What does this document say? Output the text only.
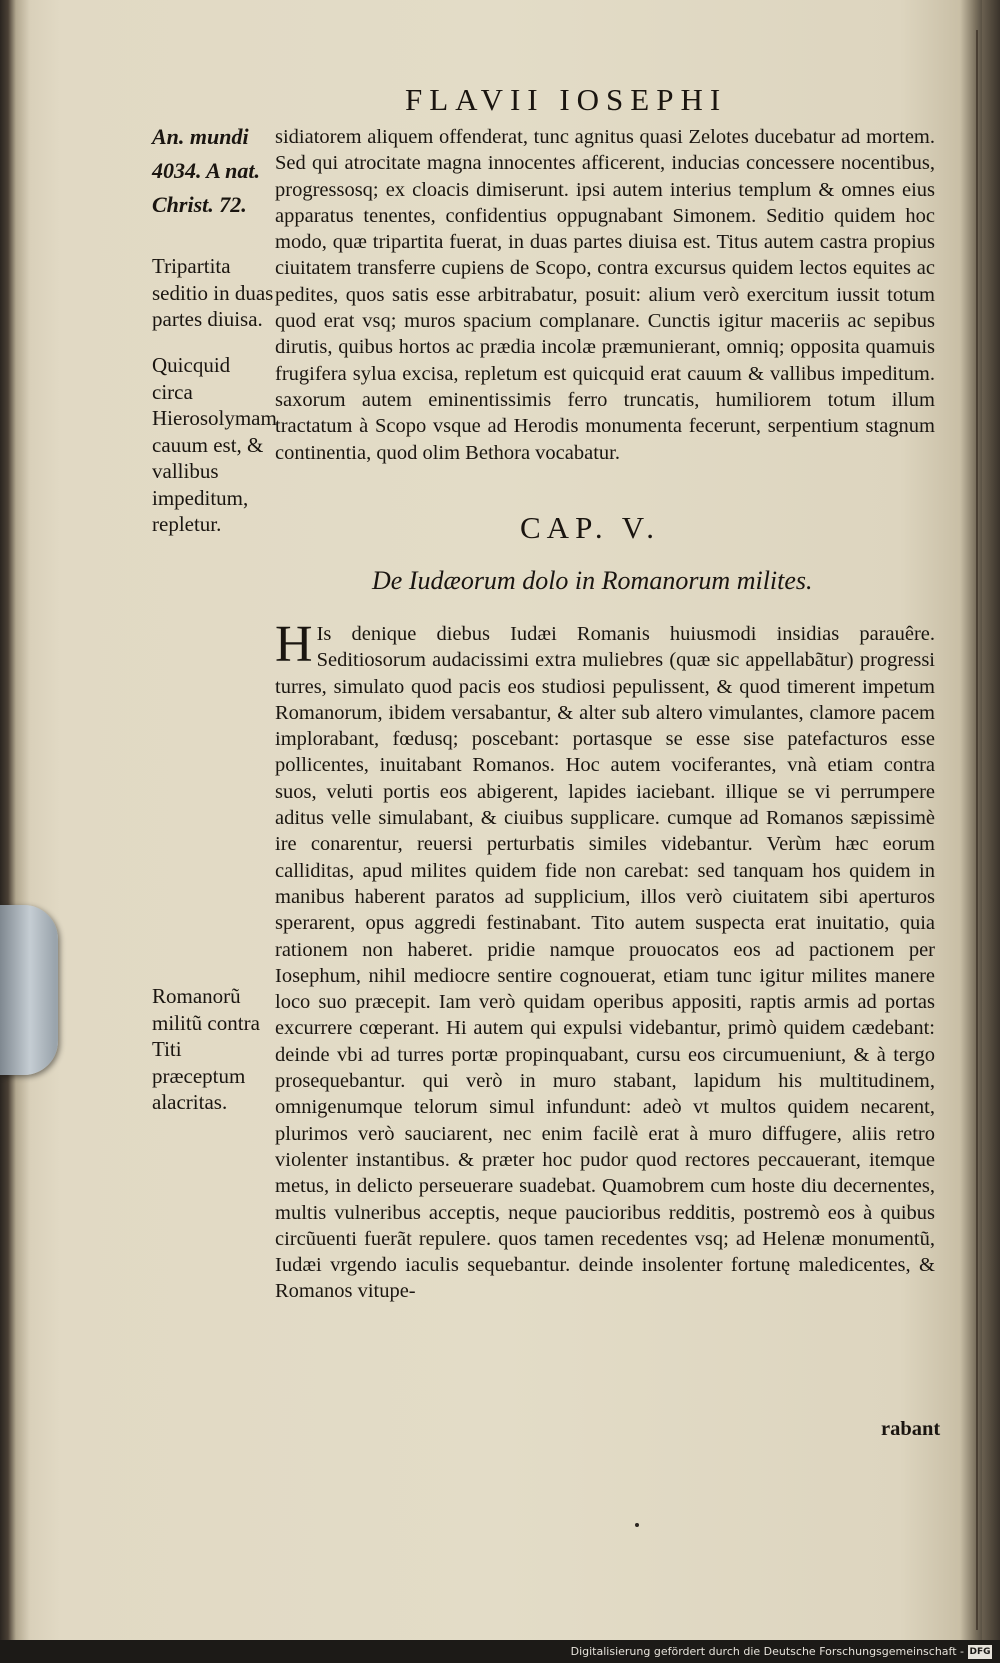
FLAVII IOSEPHI
An. mundi 4034. A nat. Christ. 72.
Tripartita seditio in duas partes diuisa.
Quicquid circa Hierosolymam cauum est, & vallibus impeditum, repletur.
Romanorũ militũ contra Titi præceptum alacritas.
sidiatorem aliquem offenderat, tunc agnitus quasi Zelotes ducebatur ad mortem. Sed qui atrocitate magna innocentes afficerent, inducias concessere nocentibus, progressosq; ex cloacis dimiserunt. ipsi autem interius templum & omnes eius apparatus tenentes, confidentius oppugnabant Simonem. Seditio quidem hoc modo, quæ tripartita fuerat, in duas partes diuisa est. Titus autem castra propius ciuitatem transferre cupiens de Scopo, contra excursus quidem lectos equites ac pedites, quos satis esse arbitrabatur, posuit: alium verò exercitum iussit totum quod erat vsq; muros spacium complanare. Cunctis igitur maceriis ac sepibus dirutis, quibus hortos ac prædia incolæ præmunierant, omniq; opposita quamuis frugifera sylua excisa, repletum est quicquid erat cauum & vallibus impeditum. saxorum autem eminentissimis ferro truncatis, humiliorem totum illum tractatum à Scopo vsque ad Herodis monumenta fecerunt, serpentium stagnum continentia, quod olim Bethora vocabatur.
CAP. V.
De Iudæorum dolo in Romanorum milites.
H Is denique diebus Iudæi Romanis huiusmodi insidias parauêre. Seditiosorum audacissimi extra muliebres (quæ sic appellabãtur) progressi turres, simulato quod pacis eos studiosi pepulissent, & quod timerent impetum Romanorum, ibidem versabantur, & alter sub altero vimulantes, clamore pacem implorabant, fœdusq; poscebant: portasque se esse sise patefacturos esse pollicentes, inuitabant Romanos. Hoc autem vociferantes, vnà etiam contra suos, veluti portis eos abigerent, lapides iaciebant. illique se vi perrumpere aditus velle simulabant, & ciuibus supplicare. cumque ad Romanos sæpissimè ire conarentur, reuersi perturbatis similes videbantur. Verùm hæc eorum calliditas, apud milites quidem fide non carebat: sed tanquam hos quidem in manibus haberent paratos ad supplicium, illos verò ciuitatem sibi aperturos sperarent, opus aggredi festinabant. Tito autem suspecta erat inuitatio, quia rationem non haberet. pridie namque prouocatos eos ad pactionem per Iosephum, nihil mediocre sentire cognouerat, etiam tunc igitur milites manere loco suo præcepit. Iam verò quidam operibus appositi, raptis armis ad portas excurrere cœperant. Hi autem qui expulsi videbantur, primò quidem cædebant: deinde vbi ad turres portæ propinquabant, cursu eos circumueniunt, & à tergo prosequebantur. qui verò in muro stabant, lapidum his multitudinem, omnigenumque telorum simul infundunt: adeò vt multos quidem necarent, plurimos verò sauciarent, nec enim facilè erat à muro diffugere, aliis retro violenter instantibus. & præter hoc pudor quod rectores peccauerant, itemque metus, in delicto perseuerare suadebat. Quamobrem cum hoste diu decernentes, multis vulneribus acceptis, neque paucioribus redditis, postremò eos à quibus circũuenti fuerãt repulere. quos tamen recedentes vsq; ad Helenæ monumentũ, Iudæi vrgendo iaculis sequebantur. deinde insolenter fortunę maledicentes, & Romanos vitupe-
rabant
Digitalisierung gefördert durch die Deutsche Forschungsgemeinschaft - DFG
